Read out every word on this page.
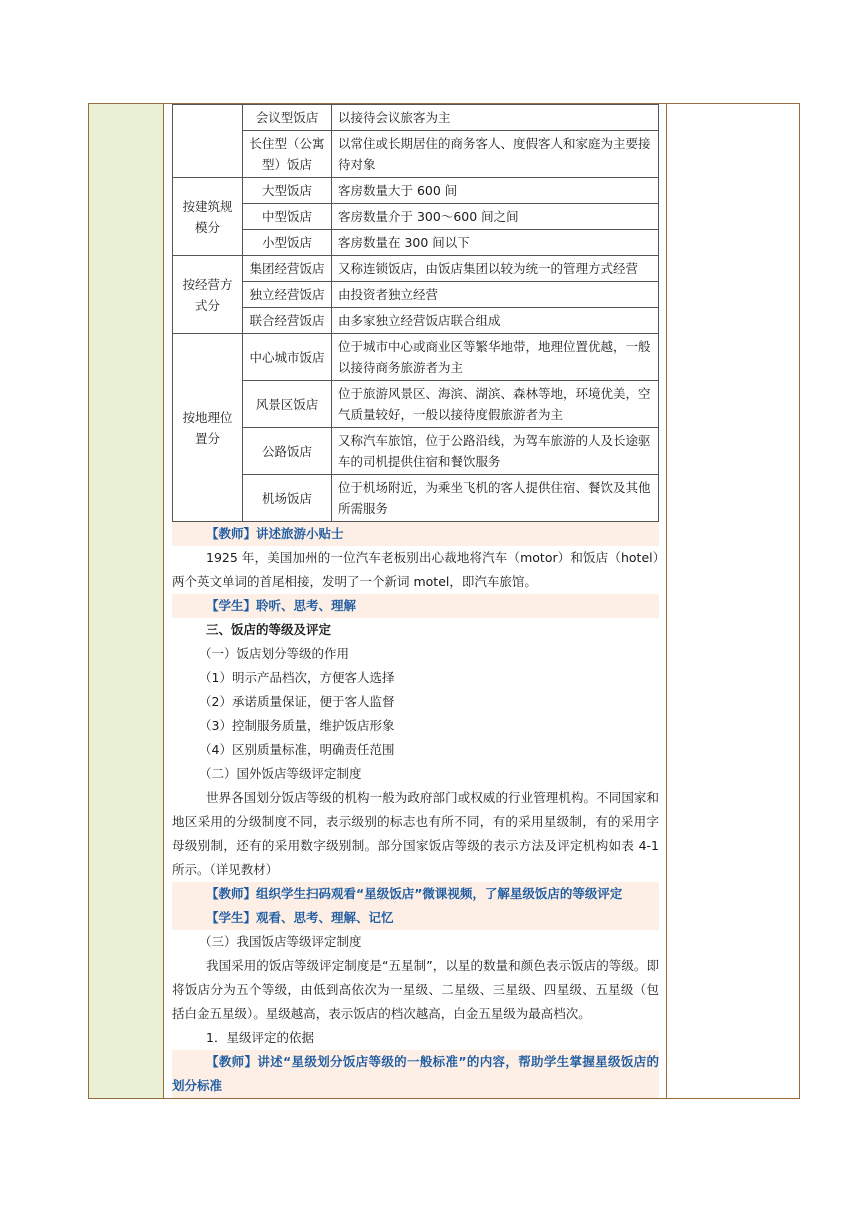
	会议型饭店	以接待会议旅客为主
	长住型（公寓型）饭店	以常住或长期居住的商务客人、度假客人和家庭为主要接待对象
按建筑规模分	大型饭店	客房数量大于 600 间
	中型饭店	客房数量介于 300～600 间之间
	小型饭店	客房数量在 300 间以下
按经营方式分	集团经营饭店	又称连锁饭店，由饭店集团以较为统一的管理方式经营
	独立经营饭店	由投资者独立经营
	联合经营饭店	由多家独立经营饭店联合组成
按地理位置分	中心城市饭店	位于城市中心或商业区等繁华地带，地理位置优越，一般以接待商务旅游者为主
	风景区饭店	位于旅游风景区、海滨、湖滨、森林等地，环境优美，空气质量较好，一般以接待度假旅游者为主
	公路饭店	又称汽车旅馆，位于公路沿线，为驾车旅游的人及长途驱车的司机提供住宿和餐饮服务
	机场饭店	位于机场附近，为乘坐飞机的客人提供住宿、餐饮及其他所需服务
【教师】讲述旅游小贴士
1925 年，美国加州的一位汽车老板别出心裁地将汽车（motor）和饭店（hotel）两个英文单词的首尾相接，发明了一个新词 motel，即汽车旅馆。
【学生】聆听、思考、理解
三、饭店的等级及评定
（一）饭店划分等级的作用
（1）明示产品档次，方便客人选择
（2）承诺质量保证，便于客人监督
（3）控制服务质量，维护饭店形象
（4）区别质量标准，明确责任范围
（二）国外饭店等级评定制度
世界各国划分饭店等级的机构一般为政府部门或权威的行业管理机构。不同国家和地区采用的分级制度不同，表示级别的标志也有所不同，有的采用星级制，有的采用字母级别制，还有的采用数字级别制。部分国家饭店等级的表示方法及评定机构如表 4-1 所示。（详见教材）
【教师】组织学生扫码观看“星级饭店”微课视频，了解星级饭店的等级评定
【学生】观看、思考、理解、记忆
（三）我国饭店等级评定制度
我国采用的饭店等级评定制度是“五星制”，以星的数量和颜色表示饭店的等级。即将饭店分为五个等级，由低到高依次为一星级、二星级、三星级、四星级、五星级（包括白金五星级）。星级越高，表示饭店的档次越高，白金五星级为最高档次。
1．星级评定的依据
【教师】讲述“星级划分饭店等级的一般标准”的内容，帮助学生掌握星级饭店的划分标准
